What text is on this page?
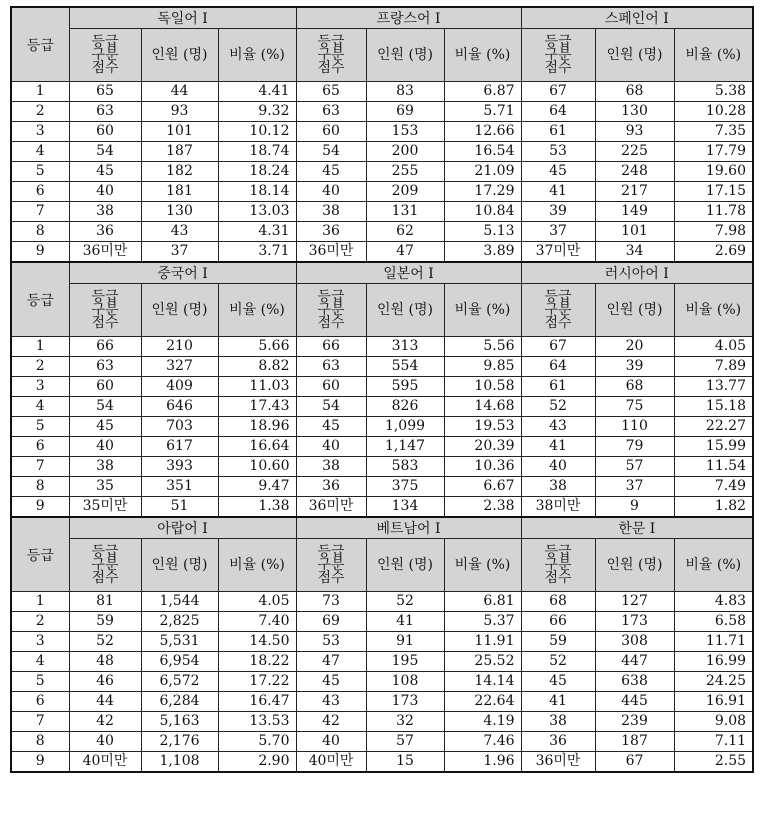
등급	독일어 Ⅰ			프랑스어 Ⅰ			스페인어 Ⅰ		
	등급 구분 점수	인원 (명)	비율 (%)	등급 구분 점수	인원 (명)	비율 (%)	등급 구분 점수	인원 (명)	비율 (%)
1	65	44	4.41	65	83	6.87	67	68	5.38
2	63	93	9.32	63	69	5.71	64	130	10.28
3	60	101	10.12	60	153	12.66	61	93	7.35
4	54	187	18.74	54	200	16.54	53	225	17.79
5	45	182	18.24	45	255	21.09	45	248	19.60
6	40	181	18.14	40	209	17.29	41	217	17.15
7	38	130	13.03	38	131	10.84	39	149	11.78
8	36	43	4.31	36	62	5.13	37	101	7.98
9	36미만	37	3.71	36미만	47	3.89	37미만	34	2.69
등급	중국어 Ⅰ			일본어 Ⅰ			러시아어 Ⅰ		
	등급 구분 점수	인원 (명)	비율 (%)	등급 구분 점수	인원 (명)	비율 (%)	등급 구분 점수	인원 (명)	비율 (%)
1	66	210	5.66	66	313	5.56	67	20	4.05
2	63	327	8.82	63	554	9.85	64	39	7.89
3	60	409	11.03	60	595	10.58	61	68	13.77
4	54	646	17.43	54	826	14.68	52	75	15.18
5	45	703	18.96	45	1,099	19.53	43	110	22.27
6	40	617	16.64	40	1,147	20.39	41	79	15.99
7	38	393	10.60	38	583	10.36	40	57	11.54
8	35	351	9.47	36	375	6.67	38	37	7.49
9	35미만	51	1.38	36미만	134	2.38	38미만	9	1.82
등급	아랍어 Ⅰ			베트남어 Ⅰ			한문 Ⅰ		
	등급 구분 점수	인원 (명)	비율 (%)	등급 구분 점수	인원 (명)	비율 (%)	등급 구분 점수	인원 (명)	비율 (%)
1	81	1,544	4.05	73	52	6.81	68	127	4.83
2	59	2,825	7.40	69	41	5.37	66	173	6.58
3	52	5,531	14.50	53	91	11.91	59	308	11.71
4	48	6,954	18.22	47	195	25.52	52	447	16.99
5	46	6,572	17.22	45	108	14.14	45	638	24.25
6	44	6,284	16.47	43	173	22.64	41	445	16.91
7	42	5,163	13.53	42	32	4.19	38	239	9.08
8	40	2,176	5.70	40	57	7.46	36	187	7.11
9	40미만	1,108	2.90	40미만	15	1.96	36미만	67	2.55
